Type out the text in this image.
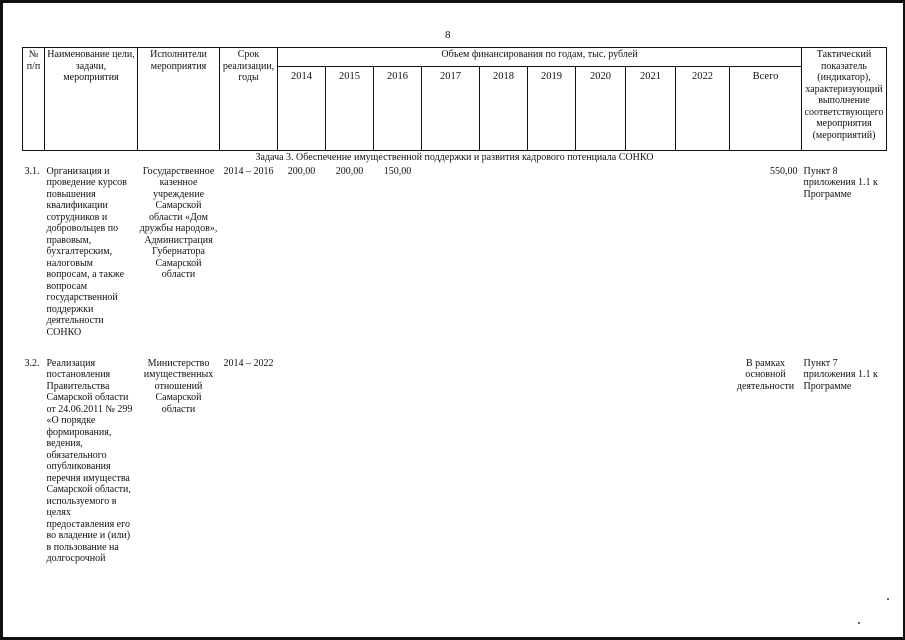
8
№
п/п	Наименование цели, задачи, мероприятия	Исполнители мероприятия	Срок реализации, годы	Объем финансирования по годам, тыс. рублей										Тактический показатель (индикатор), характеризующий выполнение соответствующего мероприятия (мероприятий)
				2014	2015	2016	2017	2018	2019	2020	2021	2022	Всего	
Задача 3. Обеспечение имущественной поддержки и развития кадрового потенциала СОНКО														
3.1.	Организация и проведение курсов повышения квалификации сотрудников и добровольцев по правовым, бухгалтерским, налоговым вопросам, а также вопросам государственной поддержки деятельности СОНКО	Государственное казенное учреждение Самарской области «Дом дружбы народов», Администрация Губернатора Самарской области	2014 – 2016	200,00	200,00	150,00							550,00	Пункт 8 приложения 1.1 к Программе
3.2.	Реализация постановления Правительства Самарской области от 24.06.2011 № 299 «О порядке формирования, ведения, обязательного опубликования перечня имущества Самарской области, используемого в целях предоставления его во владение и (или) в пользование на долгосрочной	Министерство имущественных отношений Самарской области	2014 – 2022										В рамках основной деятельности	Пункт 7 приложения 1.1 к Программе
